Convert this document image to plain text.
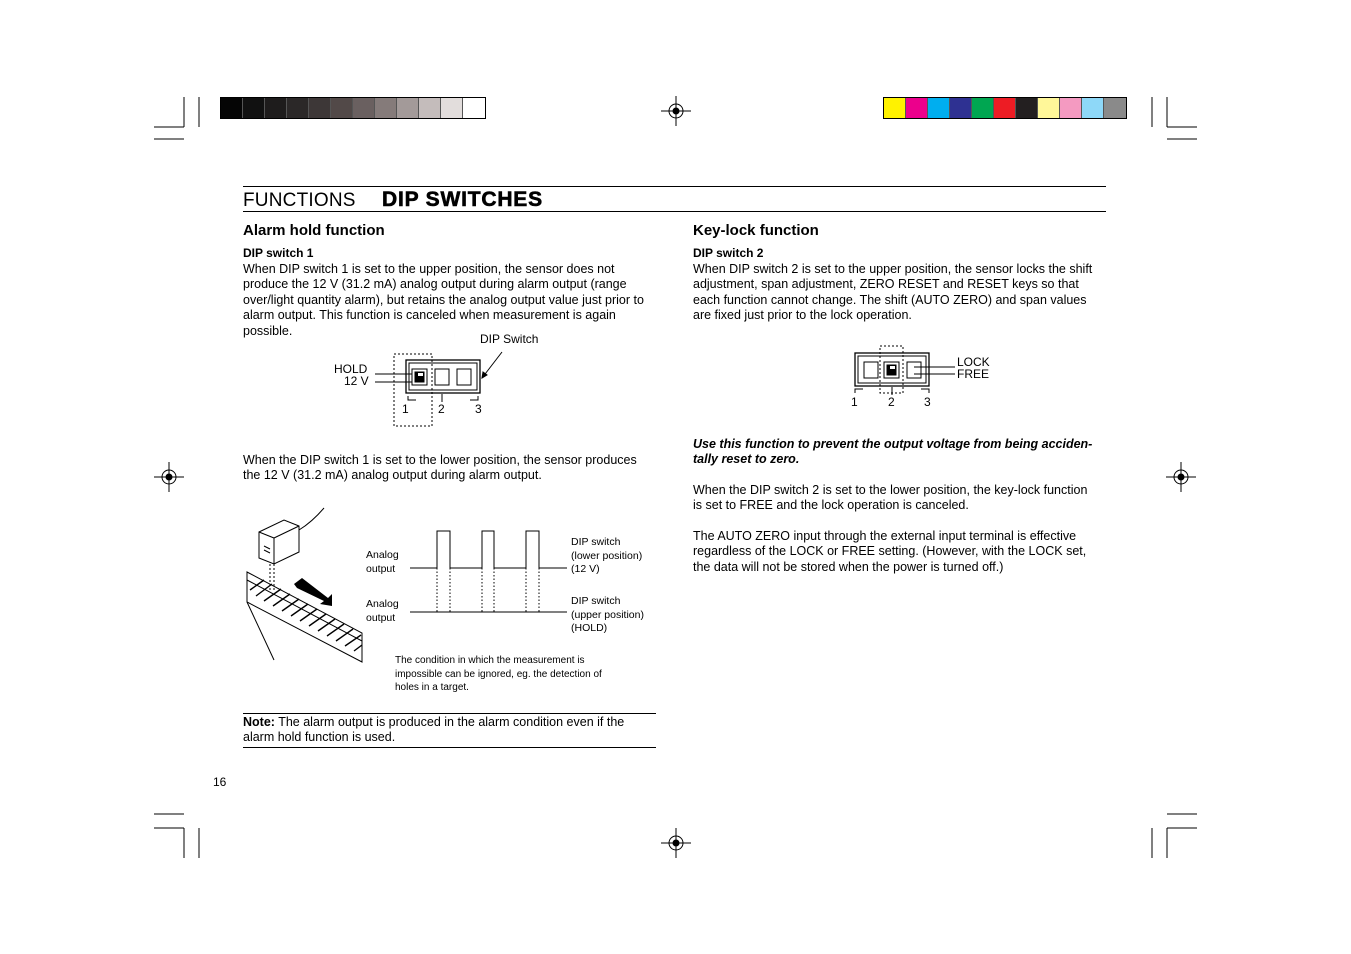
FUNCTIONS DIP SWITCHES
Alarm hold function
DIP switch 1
When DIP switch 1 is set to the upper position, the sensor does not
produce the 12 V (31.2 mA) analog output during alarm output (range
over/light quantity alarm), but retains the analog output value just prior to
alarm output. This function is canceled when measurement is again
possible.
DIP Switch
HOLD
12 V
1 2	3
When the DIP switch 1 is set to the lower position, the sensor produces
the 12 V (31.2 mA) analog output during alarm output.
Analog
output
Analog
output
DIP switch
(lower position)
(12 V)
DIP switch
(upper position)
(HOLD)
The condition in which the measurement is
impossible can be ignored, eg. the detection of
holes in a target.
Note: The alarm output is produced in the alarm condition even if the
alarm hold function is used.
16
Key-lock function
DIP switch 2
When DIP switch 2 is set to the upper position, the sensor locks the shift
adjustment, span adjustment, ZERO RESET and RESET keys so that
each function cannot change. The shift (AUTO ZERO) and span values
are fixed just prior to the lock operation.
LOCK
FREE
1	2 3
Use this function to prevent the output voltage from being acciden-
tally reset to zero.
When the DIP switch 2 is set to the lower position, the key-lock function
is set to FREE and the lock operation is canceled.
The AUTO ZERO input through the external input terminal is effective
regardless of the LOCK or FREE setting. (However, with the LOCK set,
the data will not be stored when the power is turned off.)
